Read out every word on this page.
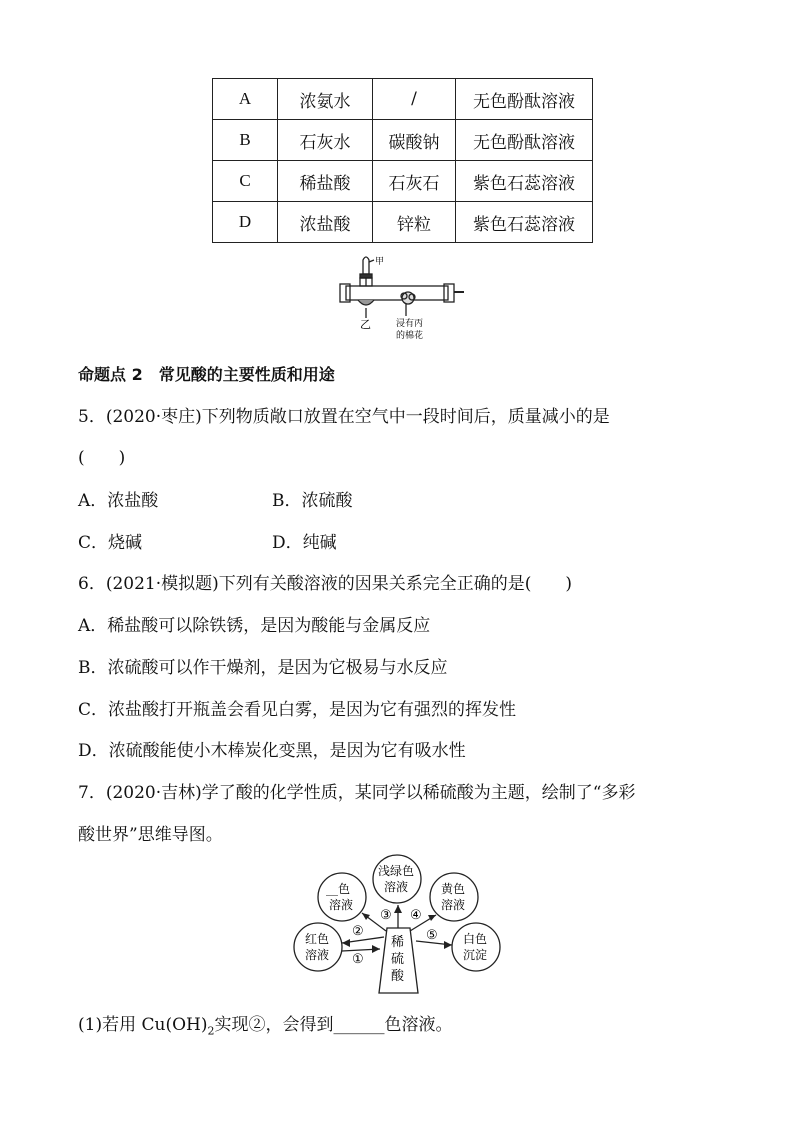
A	浓氨水	/	无色酚酞溶液
B	石灰水	碳酸钠	无色酚酞溶液
C	稀盐酸	石灰石	紫色石蕊溶液
D	浓盐酸	锌粒	紫色石蕊溶液
甲
乙	浸有丙
的棉花
命题点 2　常见酸的主要性质和用途
5．(2020·枣庄)下列物质敞口放置在空气中一段时间后，质量减小的是
(　　)
A．浓盐酸	B．浓硫酸
C．烧碱	D．纯碱
6．(2021·模拟题)下列有关酸溶液的因果关系完全正确的是(　　)
A．稀盐酸可以除铁锈，是因为酸能与金属反应
B．浓硫酸可以作干燥剂，是因为它极易与水反应
C．浓盐酸打开瓶盖会看见白雾，是因为它有强烈的挥发性
D．浓硫酸能使小木棒炭化变黑，是因为它有吸水性
7．(2020·吉林)学了酸的化学性质，某同学以稀硫酸为主题，绘制了“多彩
酸世界”思维导图。
稀
硫
酸
__色
溶液
浅绿色
溶液	黄色
溶液
红色
溶液
白色
沉淀
③ ④
②
①
⑤
(1)若用 $Cu(OH)_2$实现②，会得到______色溶液。
